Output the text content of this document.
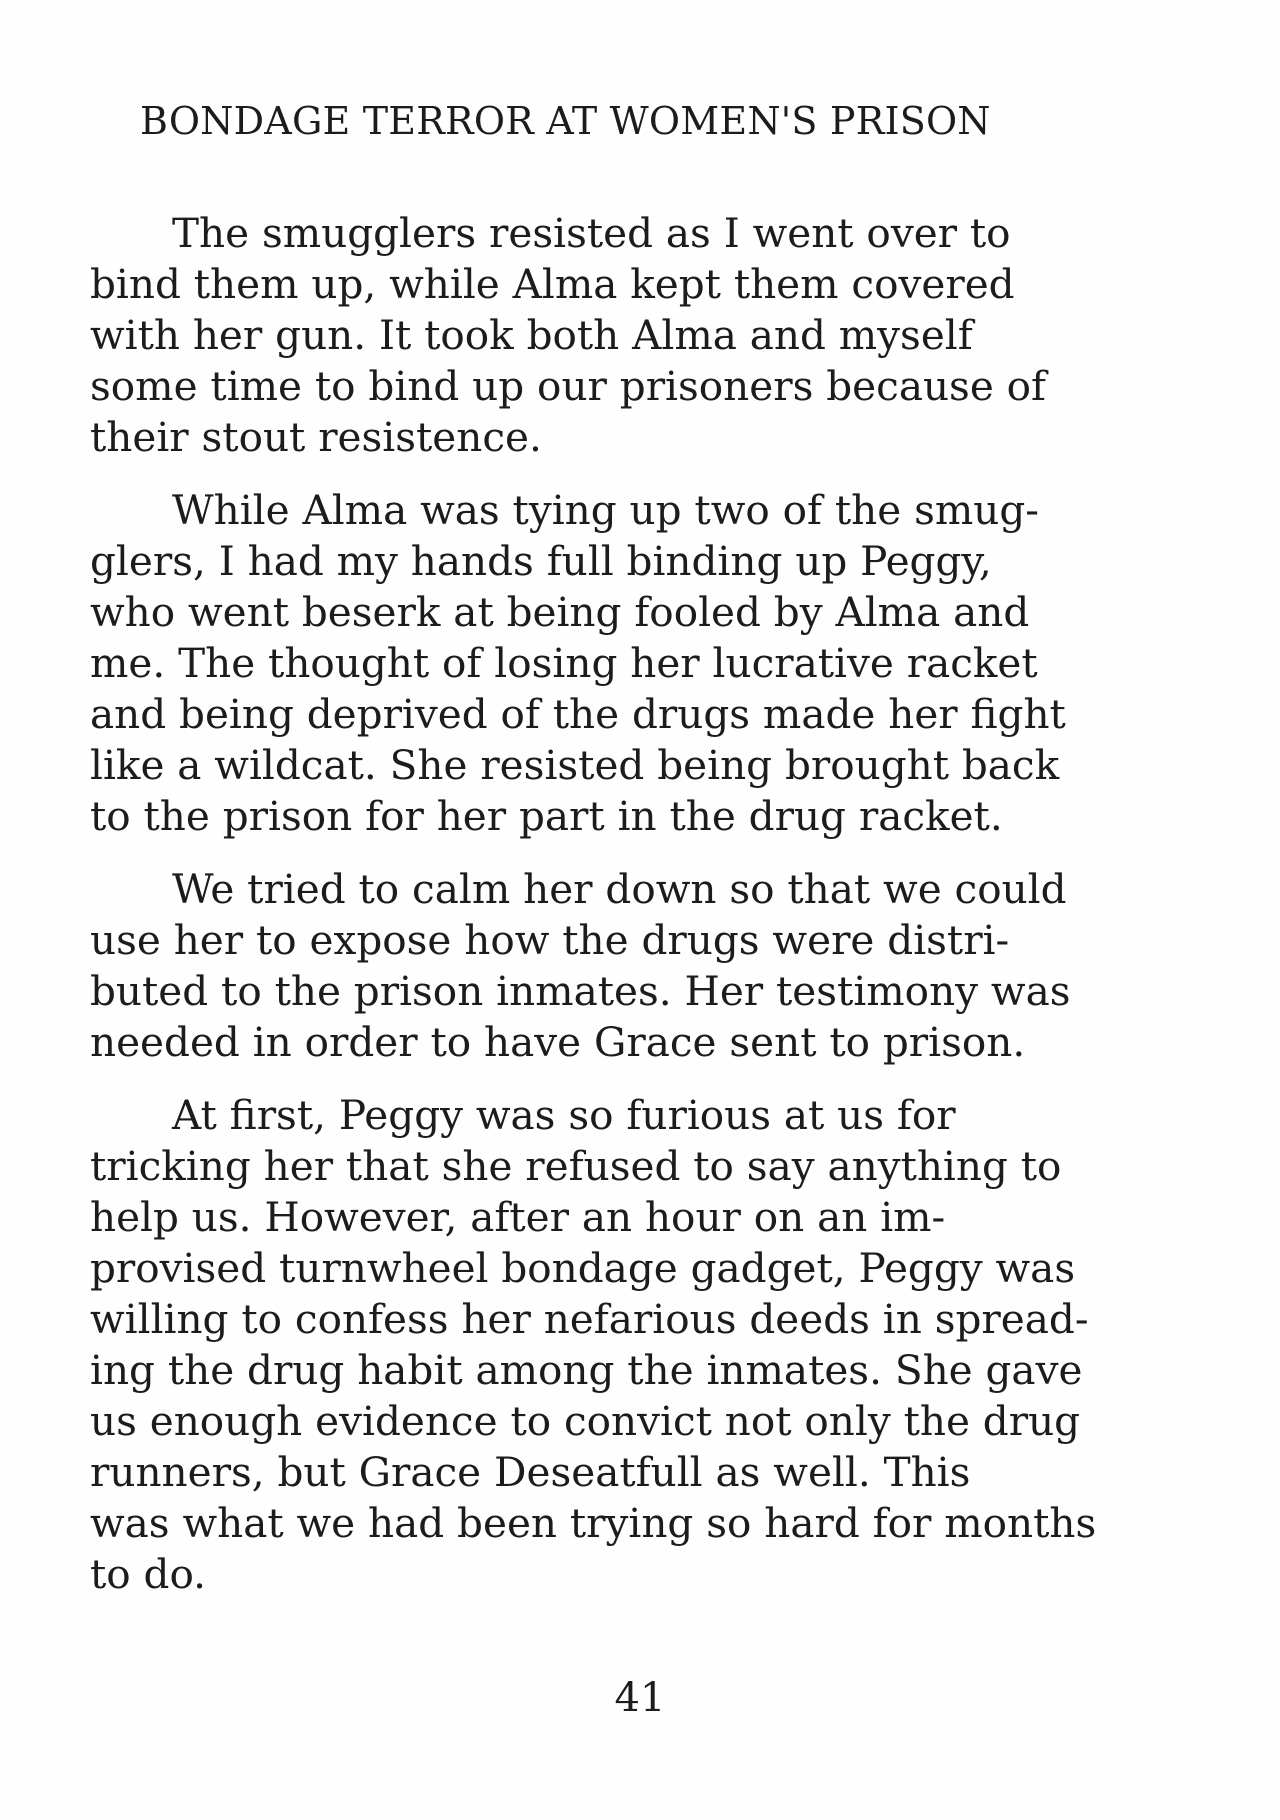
BONDAGE TERROR AT WOMEN'S PRISON

The smugglers resisted as I went over to
bind them up, while Alma kept them covered
with her gun. It took both Alma and myself
some time to bind up our prisoners because of
their stout resistence.

While Alma was tying up two of the smug-
glers, I had my hands full binding up Peggy,
who went beserk at being fooled by Alma and
me. The thought of losing her lucrative racket
and being deprived of the drugs made her fight
like a wildcat. She resisted being brought back
to the prison for her part in the drug racket.

We tried to calm her down so that we could
use her to expose how the drugs were distri-
buted to the prison inmates. Her testimony was
needed in order to have Grace sent to prison.

At first, Peggy was so furious at us for
tricking her that she refused to say anything to
help us. However, after an hour on an im-
provised turnwheel bondage gadget, Peggy was
willing to confess her nefarious deeds in spread-
ing the drug habit among the inmates. She gave
us enough evidence to convict not only the drug
runners, but Grace Deseatfull as well. This
was what we had been trying so hard for months
to do.

41
